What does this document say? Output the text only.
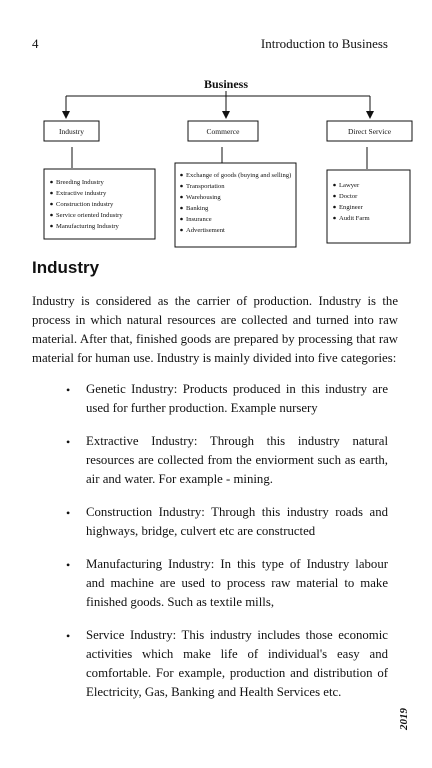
4	Introduction to Business
Business
Industry	Commerce	Direct Service
Breeding Industry
Extractive industry
Construction industry
Service oriented Industry
Manufacturing Industry
Exchange of goods (buying and selling)
Transportation
Warehousing
Banking
Insurance
Advertisement
Lawyer
Doctor
Engineer
Audit Farm
Industry

Industry is considered as the carrier of production. Industry is the process in which natural resources are collected and turned into raw material. After that, finished goods are prepared by processing that raw material for human use. Industry is mainly divided into five categories:

• Genetic Industry: Products produced in this industry are used for further production. Example nursery
• Extractive Industry: Through this industry natural resources are collected from the enviorment such as earth, air and water. For example - mining.
• Construction Industry: Through this industry roads and highways, bridge, culvert etc are constructed
• Manufacturing Industry: In this type of Industry labour and machine are used to process raw material to make finished goods. Such as textile mills,
• Service Industry: This industry includes those economic activities which make life of individual's easy and comfortable. For example, production and distribution of Electricity, Gas, Banking and Health Services etc.
2019
